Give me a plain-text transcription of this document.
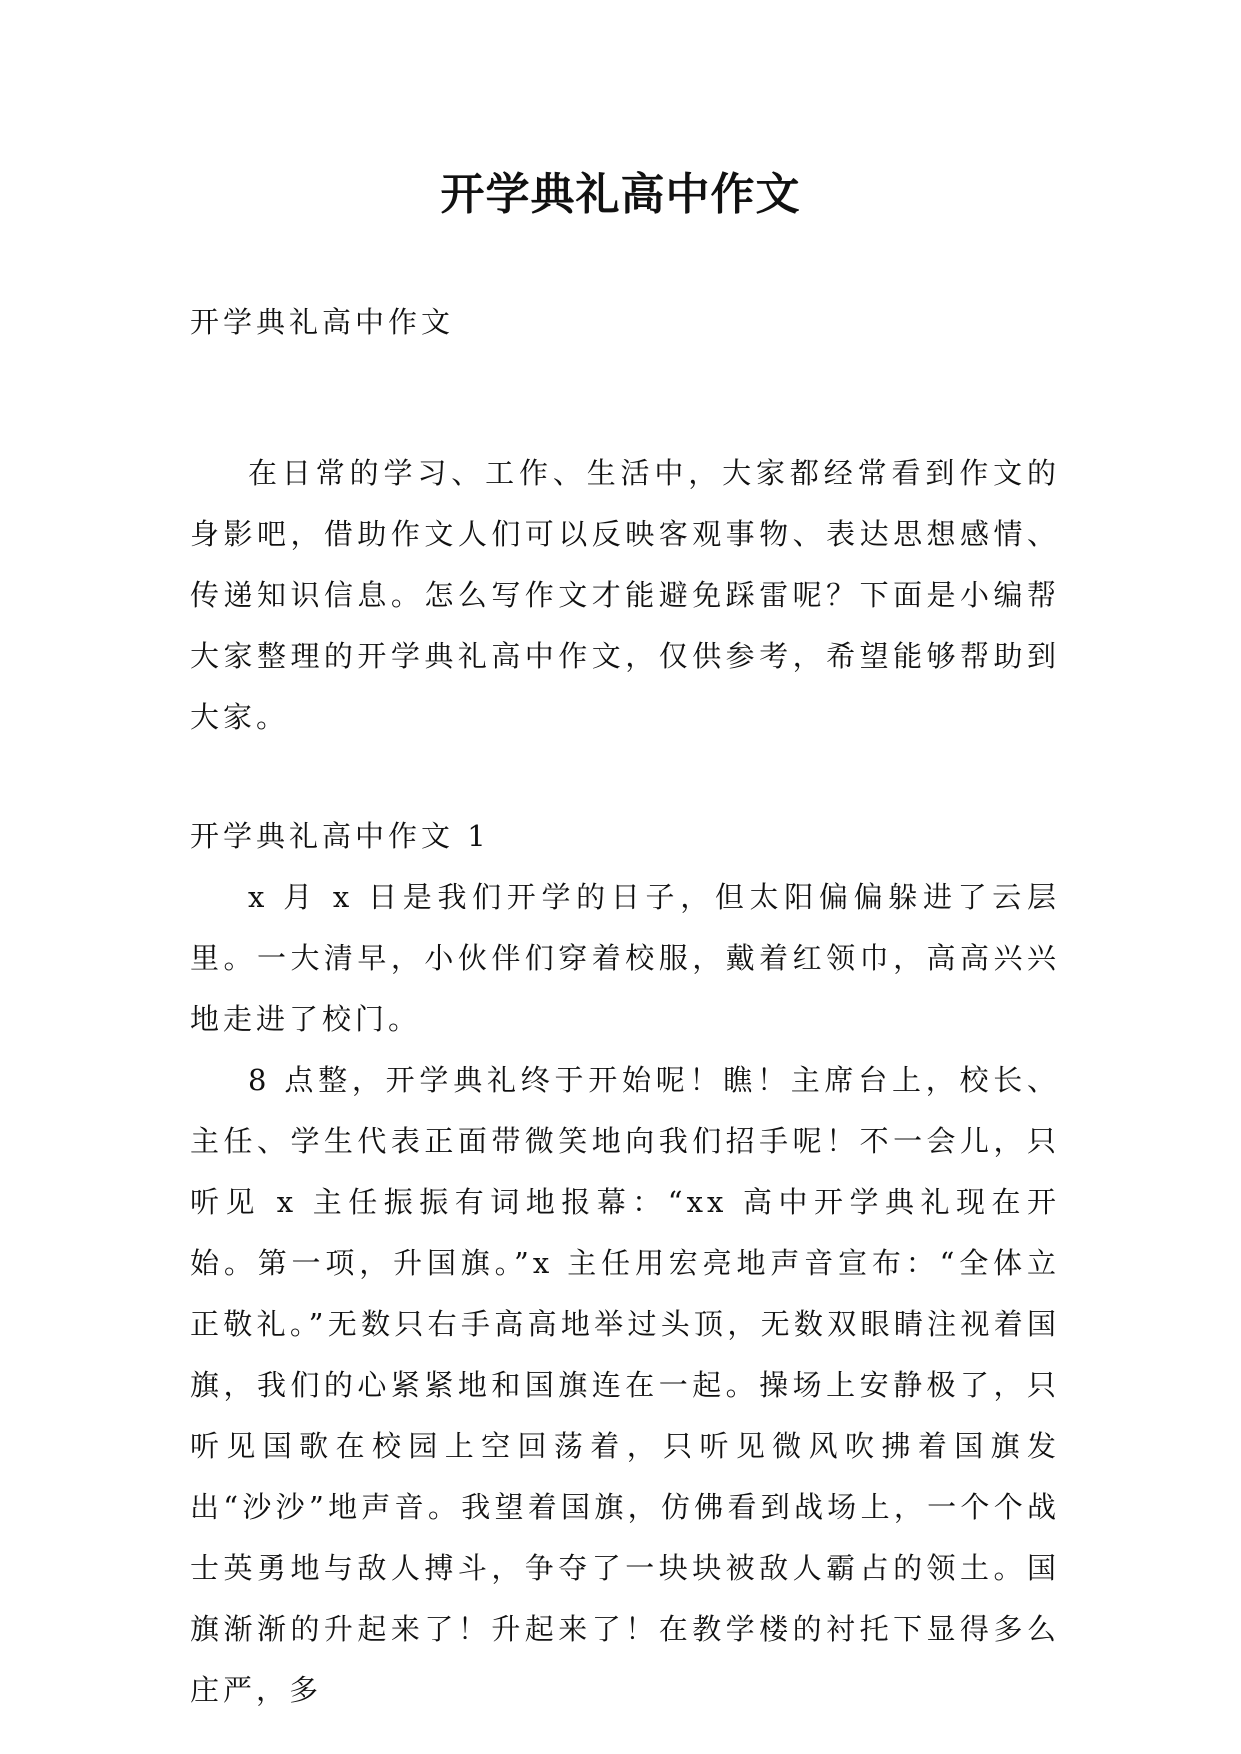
开学典礼高中作文

开学典礼高中作文

在日常的学习、工作、生活中，大家都经常看到作文的身影吧，借助作文人们可以反映客观事物、表达思想感情、传递知识信息。怎么写作文才能避免踩雷呢？下面是小编帮大家整理的开学典礼高中作文，仅供参考，希望能够帮助到大家。

开学典礼高中作文 1

x 月 x 日是我们开学的日子，但太阳偏偏躲进了云层里。一大清早，小伙伴们穿着校服，戴着红领巾，高高兴兴地走进了校门。

8 点整，开学典礼终于开始呢！瞧！主席台上，校长、主任、学生代表正面带微笑地向我们招手呢！不一会儿，只听见 x 主任振振有词地报幕：“xx 高中开学典礼现在开始。第一项，升国旗。”x 主任用宏亮地声音宣布：“全体立正敬礼。”无数只右手高高地举过头顶，无数双眼睛注视着国旗，我们的心紧紧地和国旗连在一起。操场上安静极了，只听见国歌在校园上空回荡着，只听见微风吹拂着国旗发出“沙沙”地声音。我望着国旗，仿佛看到战场上，一个个战士英勇地与敌人搏斗，争夺了一块块被敌人霸占的领土。国旗渐渐的升起来了！升起来了！在教学楼的衬托下显得多么庄严，多
